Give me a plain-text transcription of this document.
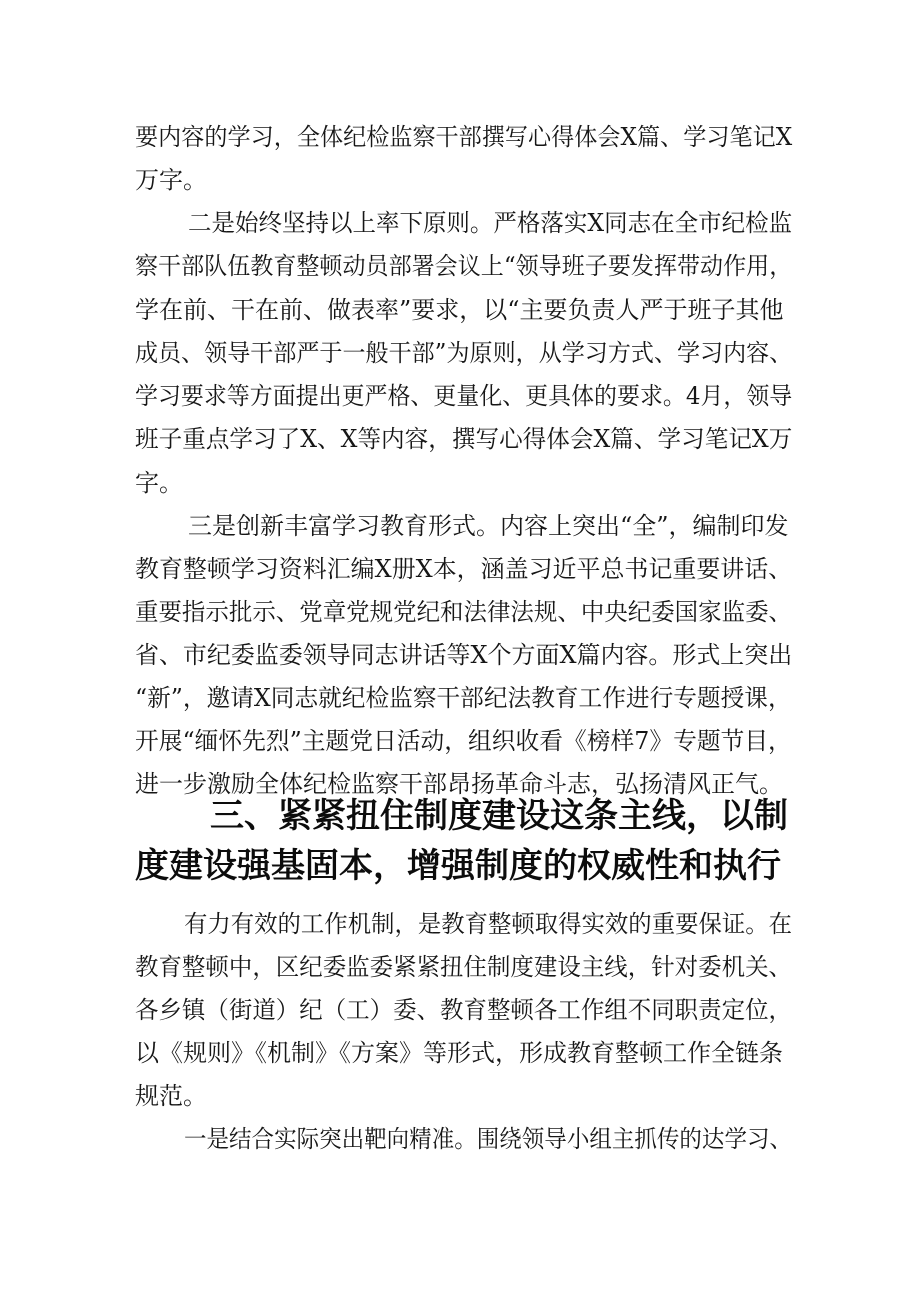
要内容的学习，全体纪检监察干部撰写心得体会X篇、学习笔记X
万字。
二是始终坚持以上率下原则。严格落实X同志在全市纪检监
察干部队伍教育整顿动员部署会议上“领导班子要发挥带动作用，
学在前、干在前、做表率”要求，以“主要负责人严于班子其他
成员、领导干部严于一般干部”为原则，从学习方式、学习内容、
学习要求等方面提出更严格、更量化、更具体的要求。4月，领导
班子重点学习了X、X等内容，撰写心得体会X篇、学习笔记X万
字。
三是创新丰富学习教育形式。内容上突出“全”，编制印发
教育整顿学习资料汇编X册X本，涵盖习近平总书记重要讲话、
重要指示批示、党章党规党纪和法律法规、中央纪委国家监委、
省、市纪委监委领导同志讲话等X个方面X篇内容。形式上突出
“新”，邀请X同志就纪检监察干部纪法教育工作进行专题授课，
开展“缅怀先烈”主题党日活动，组织收看《榜样7》专题节目，
进一步激励全体纪检监察干部昂扬革命斗志，弘扬清风正气。
三、紧紧扭住制度建设这条主线，以制
度建设强基固本，增强制度的权威性和执行
有力有效的工作机制，是教育整顿取得实效的重要保证。在
教育整顿中，区纪委监委紧紧扭住制度建设主线，针对委机关、
各乡镇（街道）纪（工）委、教育整顿各工作组不同职责定位，
以《规则》《机制》《方案》等形式，形成教育整顿工作全链条
规范。
一是结合实际突出靶向精准。围绕领导小组主抓传的达学习、
